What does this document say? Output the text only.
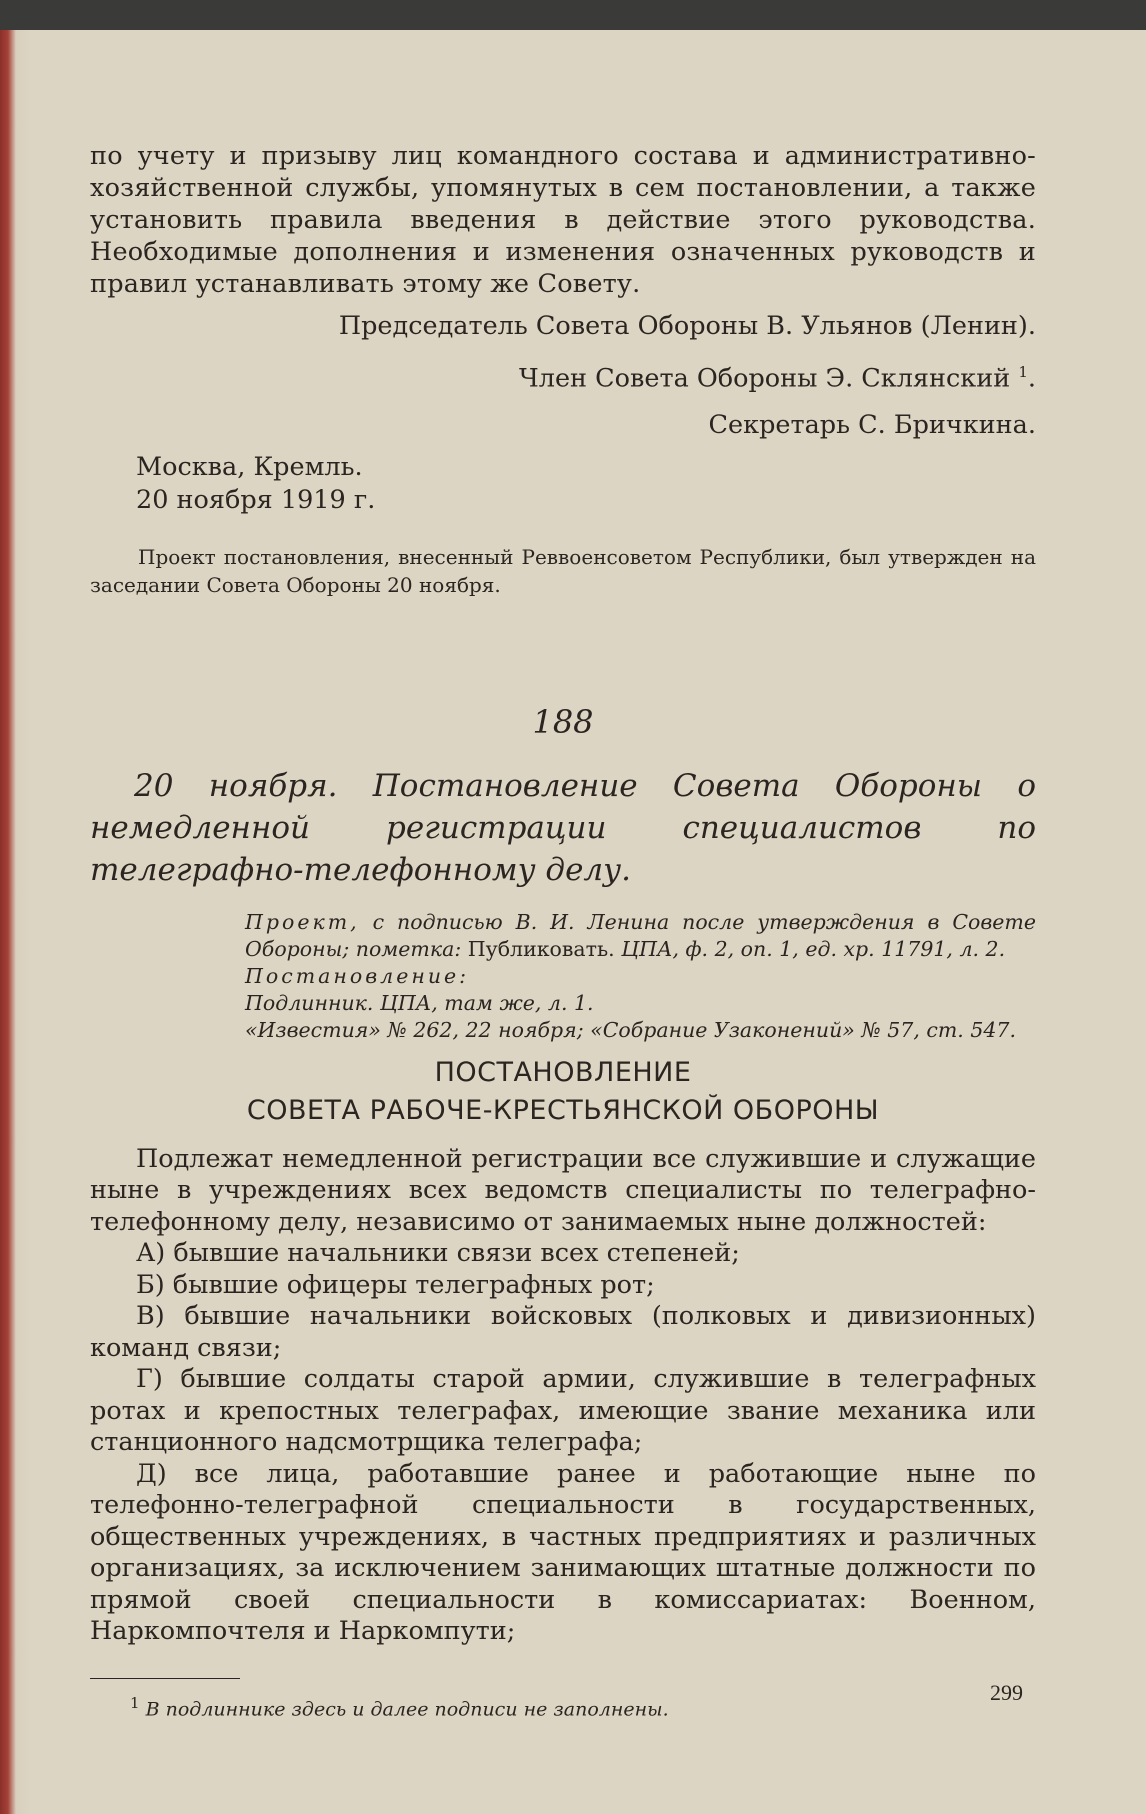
по учету и призыву лиц командного состава и административно-хозяйственной службы, упомянутых в сем постановлении, а также установить правила введения в действие этого руководства. Необходимые дополнения и изменения означенных руководств и правил устанавливать этому же Совету.

Председатель Совета Обороны В. Ульянов (Ленин).

Член Совета Обороны Э. Склянский $^1$.

Секретарь С. Бричкина.

Москва, Кремль.
20 ноября 1919 г.

Проект постановления, внесенный Реввоенсоветом Республики, был утвержден на заседании Совета Обороны 20 ноября.

188

20 ноября. Постановление Совета Обороны о немедленной регистрации специалистов по телеграфно-телефонному делу.

Проект, с подписью В. И. Ленина после утверждения в Совете Обороны; пометка: Публиковать. ЦПА, ф. 2, оп. 1, ед. хр. 11791, л. 2.

Постановление:

Подлинник. ЦПА, там же, л. 1.

«Известия» № 262, 22 ноября; «Собрание Узаконений» № 57, ст. 547.

ПОСТАНОВЛЕНИЕ
СОВЕТА РАБОЧЕ-КРЕСТЬЯНСКОЙ ОБОРОНЫ

Подлежат немедленной регистрации все служившие и служащие ныне в учреждениях всех ведомств специалисты по телеграфно-телефонному делу, независимо от занимаемых ныне должностей:

А) бывшие начальники связи всех степеней;

Б) бывшие офицеры телеграфных рот;

В) бывшие начальники войсковых (полковых и дивизионных) команд связи;

Г) бывшие солдаты старой армии, служившие в телеграфных ротах и крепостных телеграфах, имеющие звание механика или станционного надсмотрщика телеграфа;

Д) все лица, работавшие ранее и работающие ныне по телефонно-телеграфной специальности в государственных, общественных учреждениях, в частных предприятиях и различных организациях, за исключением занимающих штатные должности по прямой своей специальности в комиссариатах: Военном, Наркомпочтеля и Наркомпути;

$^1$ В подлиннике здесь и далее подписи не заполнены.

299
